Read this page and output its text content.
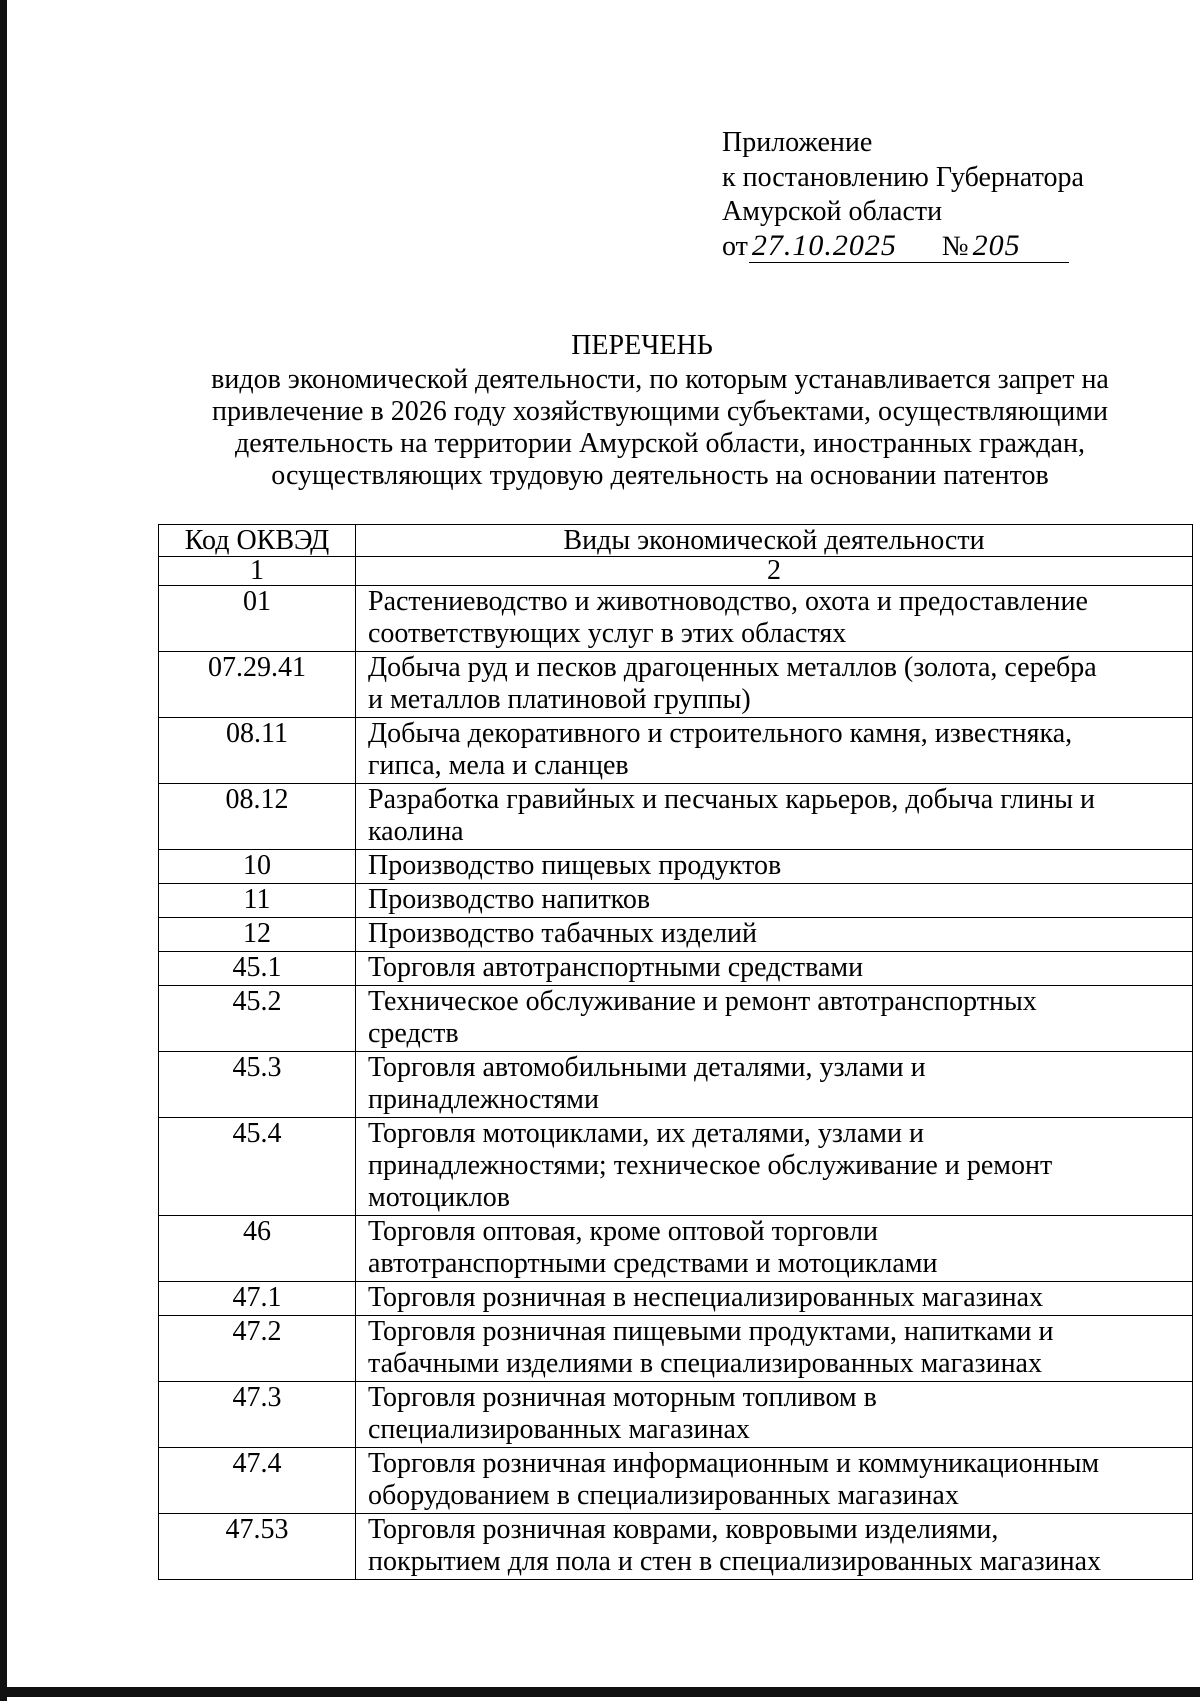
Приложение
к постановлению Губернатора
Амурской области
от 27.10.2025	№ 205
ПЕРЕЧЕНЬ
видов экономической деятельности, по которым устанавливается запрет на
привлечение в 2026 году хозяйствующими субъектами, осуществляющими
деятельность на территории Амурской области, иностранных граждан,
осуществляющих трудовую деятельность на основании патентов
Код ОКВЭД	Виды экономической деятельности
1	2
01	Растениеводство и животноводство, охота и предоставление
соответствующих услуг в этих областях

07.29.41	Добыча руд и песков драгоценных металлов (золота, серебра
и металлов платиновой группы)

08.11	Добыча декоративного и строительного камня, известняка,
гипса, мела и сланцев

08.12	Разработка гравийных и песчаных карьеров, добыча глины и
каолина

10	Производство пищевых продуктов

11	Производство напитков

12	Производство табачных изделий

45.1	Торговля автотранспортными средствами

45.2	Техническое обслуживание и ремонт автотранспортных
средств

45.3	Торговля автомобильными деталями, узлами и
принадлежностями

45.4	Торговля мотоциклами, их деталями, узлами и
принадлежностями; техническое обслуживание и ремонт
мотоциклов

46	Торговля оптовая, кроме оптовой торговли
автотранспортными средствами и мотоциклами

47.1	Торговля розничная в неспециализированных магазинах

47.2	Торговля розничная пищевыми продуктами, напитками и
табачными изделиями в специализированных магазинах

47.3	Торговля розничная моторным топливом в
специализированных магазинах

47.4	Торговля розничная информационным и коммуникационным
оборудованием в специализированных магазинах

47.53	Торговля розничная коврами, ковровыми изделиями,
покрытием для пола и стен в специализированных магазинах
